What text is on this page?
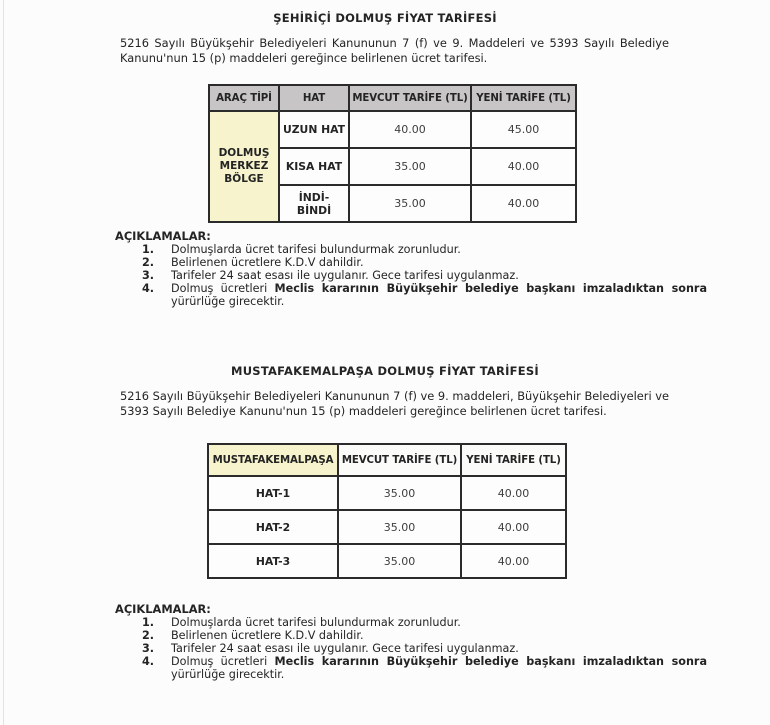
ŞEHİRİÇİ DOLMUŞ FİYAT TARİFESİ
5216 Sayılı Büyükşehir Belediyeleri Kanununun 7 (f) ve 9. Maddeleri ve 5393 Sayılı Belediye Kanunu'nun 15 (p) maddeleri gereğince belirlenen ücret tarifesi.
ARAÇ TİPİ	HAT	MEVCUT TARİFE (TL)	YENİ TARİFE (TL)
DOLMUŞ MERKEZ BÖLGE	UZUN HAT	40.00	45.00
	KISA HAT	35.00	40.00
	İNDİ-BİNDİ	35.00	40.00
AÇIKLAMALAR:
1.	Dolmuşlarda ücret tarifesi bulundurmak zorunludur.
2.	Belirlenen ücretlere K.D.V dahildir.
3.	Tarifeler 24 saat esası ile uygulanır. Gece tarifesi uygulanmaz.
4.	Dolmuş ücretleri Meclis kararının Büyükşehir belediye başkanı imzaladıktan sonra yürürlüğe girecektir.
MUSTAFAKEMALPAŞA DOLMUŞ FİYAT TARİFESİ
5216 Sayılı Büyükşehir Belediyeleri Kanununun 7 (f) ve 9. maddeleri, Büyükşehir Belediyeleri ve 5393 Sayılı Belediye Kanunu'nun 15 (p) maddeleri gereğince belirlenen ücret tarifesi.
MUSTAFAKEMALPAŞA	MEVCUT TARİFE (TL)	YENİ TARİFE (TL)
HAT-1	35.00	40.00
HAT-2	35.00	40.00
HAT-3	35.00	40.00
AÇIKLAMALAR:
1.	Dolmuşlarda ücret tarifesi bulundurmak zorunludur.
2.	Belirlenen ücretlere K.D.V dahildir.
3.	Tarifeler 24 saat esası ile uygulanır. Gece tarifesi uygulanmaz.
4.	Dolmuş ücretleri Meclis kararının Büyükşehir belediye başkanı imzaladıktan sonra yürürlüğe girecektir.
